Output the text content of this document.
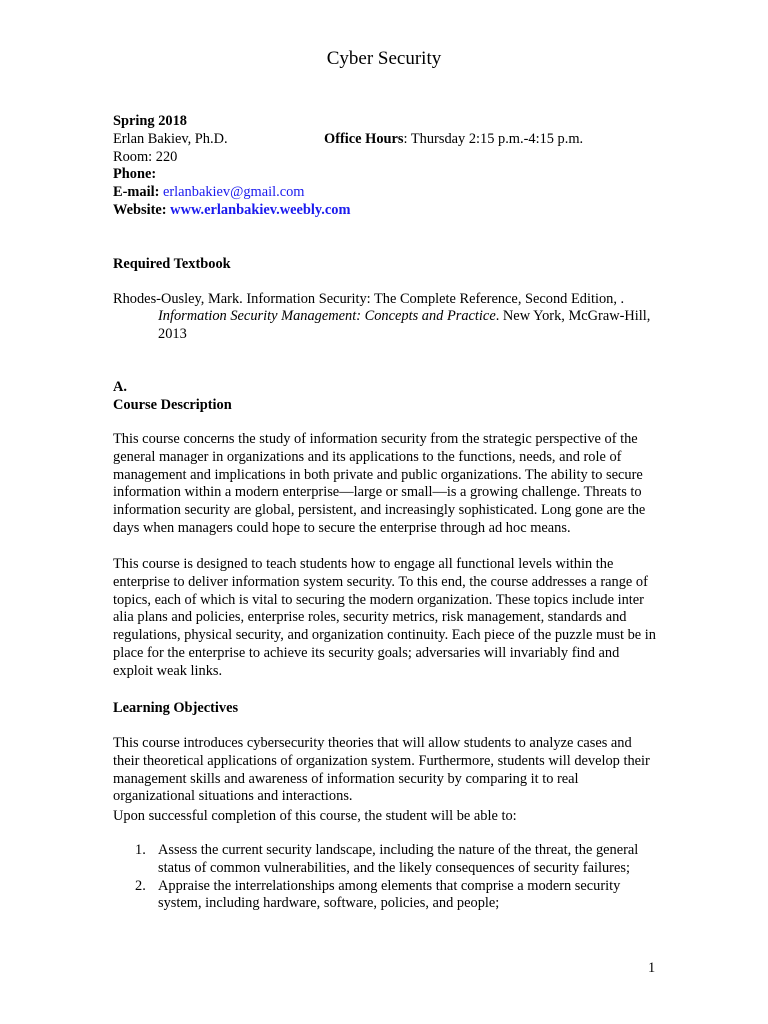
Cyber Security
Spring 2018
Erlan Bakiev, Ph.D.	Office Hours: Thursday 2:15 p.m.-4:15 p.m.
Room: 220
Phone:
E-mail: erlanbakiev@gmail.com
Website: www.erlanbakiev.weebly.com
Required Textbook
Rhodes-Ousley, Mark. Information Security: The Complete Reference, Second Edition, .
Information Security Management: Concepts and Practice. New York, McGraw-Hill,
2013
A.
Course Description
This course concerns the study of information security from the strategic perspective of the general manager in organizations and its applications to the functions, needs, and role of management and implications in both private and public organizations. The ability to secure information within a modern enterprise—large or small—is a growing challenge. Threats to information security are global, persistent, and increasingly sophisticated. Long gone are the days when managers could hope to secure the enterprise through ad hoc means.
This course is designed to teach students how to engage all functional levels within the enterprise to deliver information system security. To this end, the course addresses a range of topics, each of which is vital to securing the modern organization. These topics include inter alia plans and policies, enterprise roles, security metrics, risk management, standards and regulations, physical security, and organization continuity. Each piece of the puzzle must be in place for the enterprise to achieve its security goals; adversaries will invariably find and exploit weak links.
Learning Objectives
This course introduces cybersecurity theories that will allow students to analyze cases and their theoretical applications of organization system. Furthermore, students will develop their management skills and awareness of information security by comparing it to real organizational situations and interactions.
Upon successful completion of this course, the student will be able to:
1. Assess the current security landscape, including the nature of the threat, the general status of common vulnerabilities, and the likely consequences of security failures;
2. Appraise the interrelationships among elements that comprise a modern security system, including hardware, software, policies, and people;
1
